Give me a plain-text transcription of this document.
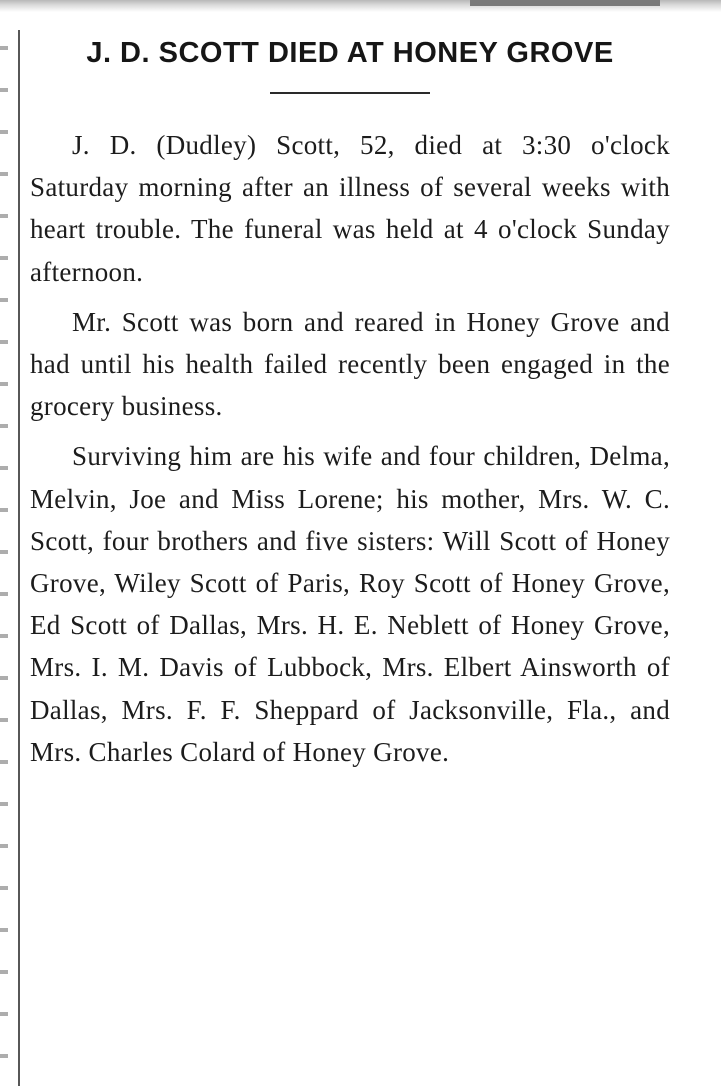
J. D. SCOTT DIED AT HONEY GROVE

J. D. (Dudley) Scott, 52, died at 3:30 o'clock Saturday morning after an illness of several weeks with heart trouble. The funeral was held at 4 o'clock Sunday afternoon.

Mr. Scott was born and reared in Honey Grove and had until his health failed recently been engaged in the grocery business.

Surviving him are his wife and four children, Delma, Melvin, Joe and Miss Lorene; his mother, Mrs. W. C. Scott, four brothers and five sisters: Will Scott of Honey Grove, Wiley Scott of Paris, Roy Scott of Honey Grove, Ed Scott of Dallas, Mrs. H. E. Neblett of Honey Grove, Mrs. I. M. Davis of Lubbock, Mrs. Elbert Ainsworth of Dallas, Mrs. F. F. Sheppard of Jacksonville, Fla., and Mrs. Charles Colard of Honey Grove.
